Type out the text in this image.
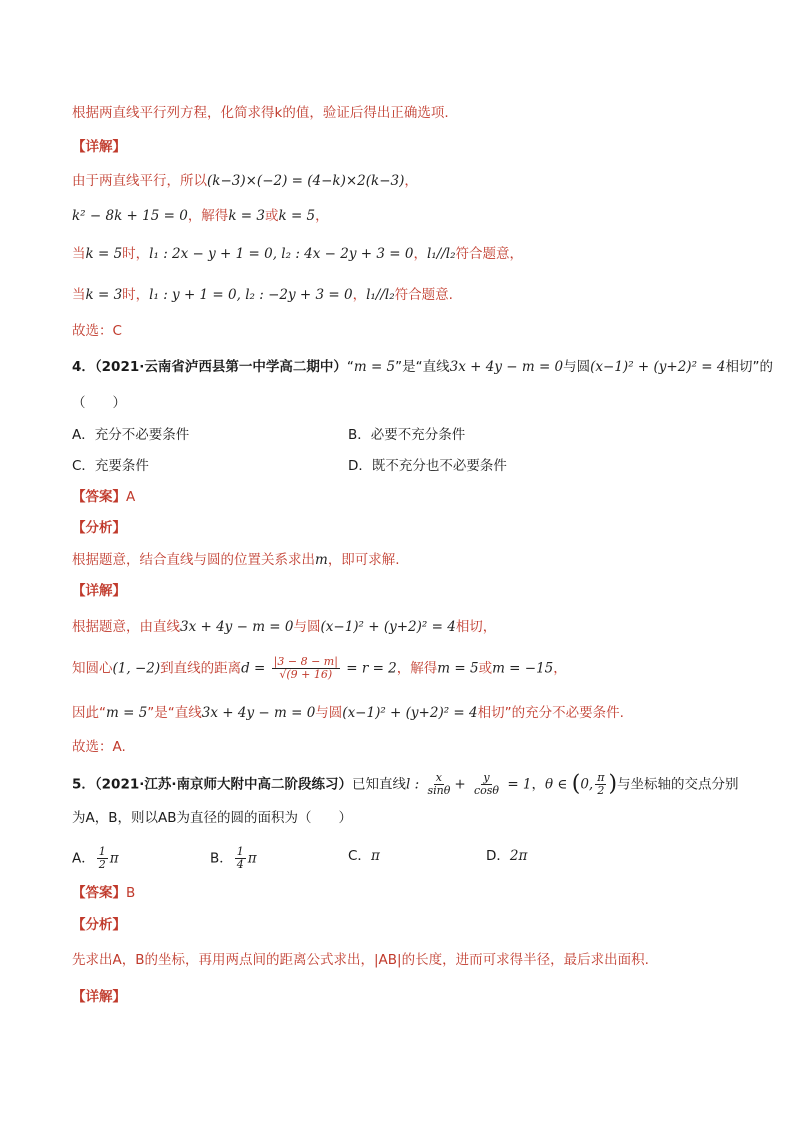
根据两直线平行列方程，化简求得k的值，验证后得出正确选项.
【详解】
由于两直线平行，所以(k−3)×(−2) = (4−k)×2(k−3)，
k² − 8k + 15 = 0，解得k = 3或k = 5，
当k = 5时，l₁ : 2x − y + 1 = 0, l₂ : 4x − 2y + 3 = 0，l₁//l₂符合题意，
当k = 3时，l₁ : y + 1 = 0, l₂ : −2y + 3 = 0，l₁//l₂符合题意.
故选：C
4．（2021·云南省泸西县第一中学高二期中）“m = 5”是“直线3x + 4y − m = 0与圆(x−1)² + (y+2)² = 4相切”的
（　　）
A．充分不必要条件	B．必要不充分条件
C．充要条件	D．既不充分也不必要条件
【答案】A
【分析】
根据题意，结合直线与圆的位置关系求出m，即可求解.
【详解】
根据题意，由直线3x + 4y − m = 0与圆(x−1)² + (y+2)² = 4相切，
知圆心(1, −2)到直线的距离$d = \frac{|3 - 8 - m|}{√(9 + 16)} = r = 2$，解得m = 5或m = −15，
因此“m = 5”是“直线3x + 4y − m = 0与圆(x−1)² + (y+2)² = 4相切”的充分不必要条件.
故选：A.
5．（2021·江苏·南京师大附中高二阶段练习）已知直线l : $\frac{x}{\sin\theta} + \frac{y}{\cos\theta} = 1$，θ ∈ (0, $\frac{\pi}{2}$ )与坐标轴的交点分别
为A，B，则以AB为直径的圆的面积为（　　）
A． $\frac{1}{2}$ π	B． $\frac{1}{4}$ π	C．π	D．2π
【答案】B
【分析】
先求出A，B的坐标，再用两点间的距离公式求出，|AB|的长度，进而可求得半径，最后求出面积.
【详解】
